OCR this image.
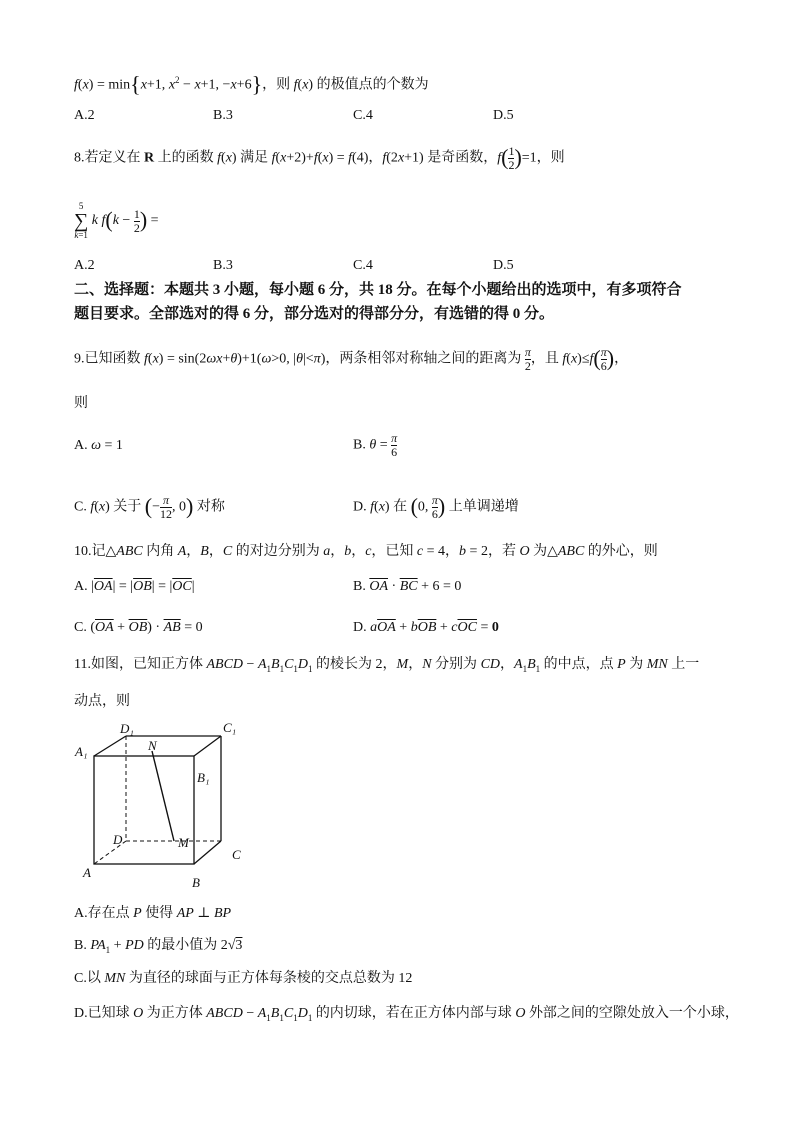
f(x) = min{x+1, $x^2 - x+1$, −x+6}，则 f(x) 的极值点的个数为
A.2	B.3	C.4	D.5
8.若定义在 R 上的函数 f(x) 满足 f(x+2)+f(x) = f(4)，f(2x+1) 是奇函数，$f( \frac{1}{2} )=1$，则
5
∑
k=1
k $f(k - \frac{1}{2}$ ) =
A.2	B.3	C.4	D.5
二、选择题：本题共 3 小题，每小题 6 分，共 18 分。在每个小题给出的选项中，有多项符合
题目要求。全部选对的得 6 分，部分选对的得部分分，有选错的得 0 分。
9.已知函数 f(x) = sin(2ωx+θ)+1(ω>0, |θ|<π)，两条相邻对称轴之间的距离为 $\frac{\pi}{2}$ ，且 $f(x)\le f( \frac{\pi}{6}$ )，
则
A. ω = 1	B. $\theta = \frac{\pi}{6}$
C. f(x) 关于 (− $\frac{\pi}{12}$ , 0) 对称	D. f(x) 在 (0, $\frac{\pi}{6}$ ) 上单调递增
10.记△ABC 内角 A，B，C 的对边分别为 a，b，c，已知 c = 4，b = 2，若 O 为△ABC 的外心，则
A. $|\overline{OA}| = |\overline{OB}| = |\overline{OC}|$	B. $\overline{OA} \cdot \overline{BC} + 6 = 0$
C. $(\overline{OA} + \overline{OB}) \cdot \overline{AB} = 0$	D. $a\overline{OA} + b\overline{OB} + c\overline{OC} = 0$
11.如图，已知正方体 ABCD − $A_1B_1C_1D_1$ 的棱长为 2，M，N 分别为 CD，$A_1B_1$ 的中点，点 P 为 MN 上一
动点，则
D₁	C₁
A₁	N
B₁
D	M
C
A
B
A.存在点 P 使得 AP ⊥ BP
B. $PA_1$ + PD 的最小值为 2√3
C.以 MN 为直径的球面与正方体每条棱的交点总数为 12
D.已知球 O 为正方体 ABCD − $A_1B_1C_1D_1$ 的内切球，若在正方体内部与球 O 外部之间的空隙处放入一个小球，
